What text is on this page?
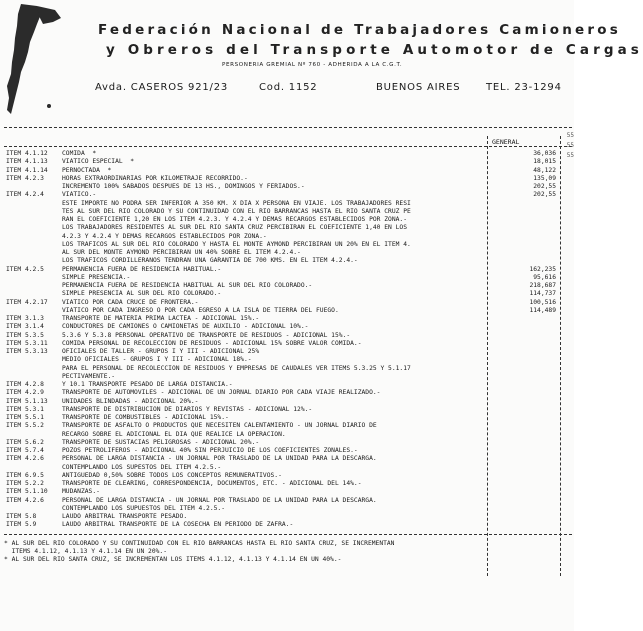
Federación Nacional de Trabajadores Camioneros
y Obreros del Transporte Automotor de Cargas
PERSONERIA GREMIAL Nº 760 - ADHERIDA A LA C.G.T.
Avda. CASEROS 921/23	Cod. 1152	BUENOS AIRES	TEL. 23-1294
GENERAL
ITEM 4.1.12 COMIDA  *	36,036
ITEM 4.1.13 VIATICO ESPECIAL  *	18,015
ITEM 4.1.14 PERNOCTADA  *	48,122
ITEM 4.2.3	HORAS EXTRAORDINARIAS POR KILOMETRAJE RECORRIDO.-	135,09
INCREMENTO 100% SABADOS DESPUES DE 13 HS., DOMINGOS Y FERIADOS.-	202,55
ITEM 4.2.4	VIATICO.-	202,55
ESTE IMPORTE NO PODRA SER INFERIOR A 350 KM. X DIA X PERSONA EN VIAJE. LOS TRABAJADORES RESI
TES AL SUR DEL RIO COLORADO Y SU CONTINUIDAD CON EL RIO BARRANCAS HASTA EL RIO SANTA CRUZ PE
RAN EL COEFICIENTE 1,20 EN LOS ITEM 4.2.3. Y 4.2.4 Y DEMAS RECARGOS ESTABLECIDOS POR ZONA.-
LOS TRABAJADORES RESIDENTES AL SUR DEL RIO SANTA CRUZ PERCIBIRAN EL COEFICIENTE 1,40 EN LOS
4.2.3 Y 4.2.4 Y DEMAS RECARGOS ESTABLECIDOS POR ZONA.-
LOS TRAFICOS AL SUR DEL RIO COLORADO Y HASTA EL MONTE AYMOND PERCIBIRAN UN 20% EN EL ITEM 4.
AL SUR DEL MONTE AYMOND PERCIBIRAN UN 40% SOBRE EL ITEM 4.2.4.-
LOS TRAFICOS CORDILLERANOS TENDRAN UNA GARANTIA DE 700 KMS. EN EL ITEM 4.2.4.-
ITEM 4.2.5	PERMANENCIA FUERA DE RESIDENCIA HABITUAL.-	162,235
SIMPLE PRESENCIA.-	95,616
PERMANENCIA FUERA DE RESIDENCIA HABITUAL AL SUR DEL RIO COLORADO.-	218,687
SIMPLE PRESENCIA AL SUR DEL RIO COLORADO.-	114,737
ITEM 4.2.17 VIATICO POR CADA CRUCE DE FRONTERA.-	100,516
VIATICO POR CADA INGRESO O POR CADA EGRESO A LA ISLA DE TIERRA DEL FUEGO.	114,489
ITEM 3.1.3	TRANSPORTE DE MATERIA PRIMA LACTEA - ADICIONAL 15%.-
ITEM 3.1.4	CONDUCTORES DE CAMIONES O CAMIONETAS DE AUXILIO - ADICIONAL 10%.-
ITEM 5.3.5	5.3.6 Y 5.3.8 PERSONAL OPERATIVO DE TRANSPORTE DE RESIDUOS - ADICIONAL 15%.-
ITEM 5.3.11 COMIDA PERSONAL DE RECOLECCION DE RESIDUOS - ADICIONAL 15% SOBRE VALOR COMIDA.-
ITEM 5.3.13 OFICIALES DE TALLER - GRUPOS I Y III - ADICIONAL 25%
MEDIO OFICIALES - GRUPOS I Y III - ADICIONAL 18%.-
PARA EL PERSONAL DE RECOLECCION DE RESIDUOS Y EMPRESAS DE CAUDALES VER ITEMS 5.3.25 Y 5.1.17
PECTIVAMENTE.-
ITEM 4.2.8	Y 10.1 TRANSPORTE PESADO DE LARGA DISTANCIA.-
ITEM 4.2.9	TRANSPORTE DE AUTOMOVILES - ADICIONAL DE UN JORNAL DIARIO POR CADA VIAJE REALIZADO.-
ITEM 5.1.13 UNIDADES BLINDADAS - ADICIONAL 20%.-
ITEM 5.3.1	TRANSPORTE DE DISTRIBUCION DE DIARIOS Y REVISTAS - ADICIONAL 12%.-
ITEM 5.5.1	TRANSPORTE DE COMBUSTIBLES - ADICIONAL 15%.-
ITEM 5.5.2	TRANSPORTE DE ASFALTO O PRODUCTOS QUE NECESITEN CALENTAMIENTO - UN JORNAL DIARIO DE
RECARGO SOBRE EL ADICIONAL EL DIA QUE REALICE LA OPERACION.
ITEM 5.6.2	TRANSPORTE DE SUSTACIAS PELIGROSAS - ADICIONAL 20%.-
ITEM 5.7.4	POZOS PETROLIFEROS - ADICIONAL 40% SIN PERJUICIO DE LOS COEFICIENTES ZONALES.-
ITEM 4.2.6	PERSONAL DE LARGA DISTANCIA - UN JORNAL POR TRASLADO DE LA UNIDAD PARA LA DESCARGA.
CONTEMPLANDO LOS SUPESTOS DEL ITEM 4.2.5.-
ITEM 6.9.5	ANTIGUEDAD 0,50% SOBRE TODOS LOS CONCEPTOS REMUNERATIVOS.-
ITEM 5.2.2	TRANSPORTE DE CLEARING, CORRESPONDENCIA, DOCUMENTOS, ETC. - ADICIONAL DEL 14%.-
ITEM 5.1.10 MUDANZAS.-
ITEM 4.2.6	PERSONAL DE LARGA DISTANCIA - UN JORNAL POR TRASLADO DE LA UNIDAD PARA LA DESCARGA.
CONTEMPLANDO LOS SUPUESTOS DEL ITEM 4.2.5.-
ITEM 5.8	LAUDO ARBITRAL TRANSPORTE PESADO.
ITEM 5.9	LAUDO ARBITRAL TRANSPORTE DE LA COSECHA EN PERIODO DE ZAFRA.-
* AL SUR DEL RIO COLORADO Y SU CONTINUIDAD CON EL RIO BARRANCAS HASTA EL RIO SANTA CRUZ, SE INCREMENTAN
ITEMS 4.1.12, 4.1.13 Y 4.1.14 EN UN 20%.-
* AL SUR DEL RIO SANTA CRUZ, SE INCREMENTAN LOS ITEMS 4.1.12, 4.1.13 Y 4.1.14 EN UN 40%.-
55
55
55
